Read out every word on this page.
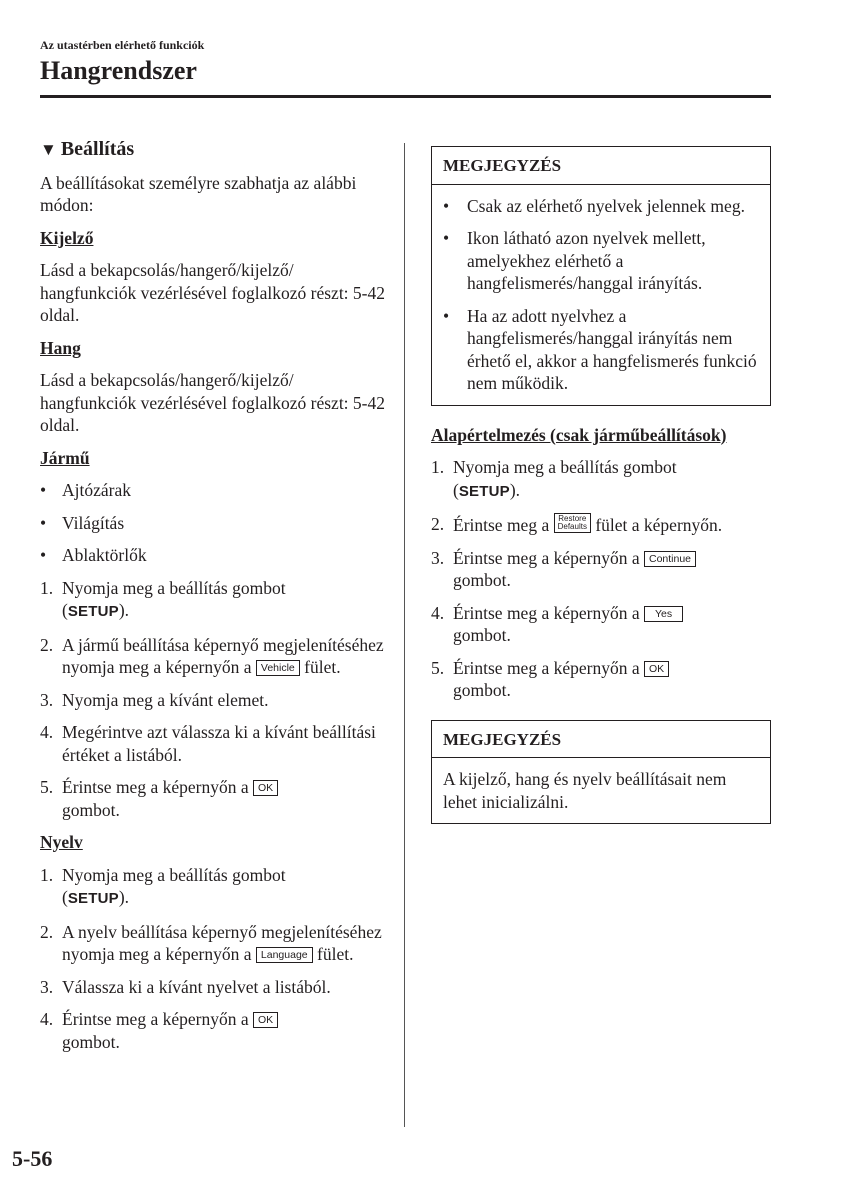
Az utastérben elérhető funkciók
Hangrendszer
▼ Beállítás

A beállításokat személyre szabhatja az alábbi módon:

Kijelző

Lásd a bekapcsolás/hangerő/kijelző/ hangfunkciók vezérlésével foglalkozó részt: 5-42 oldal.

Hang

Lásd a bekapcsolás/hangerő/kijelző/ hangfunkciók vezérlésével foglalkozó részt: 5-42 oldal.

Jármű
• Ajtózárak
• Világítás
• Ablaktörlők
1. Nyomja meg a beállítás gombot
(SETUP).
2. A jármű beállítása képernyő megjelenítéséhez nyomja meg a képernyőn a Vehicle fület.
3. Nyomja meg a kívánt elemet.
4. Megérintve azt válassza ki a kívánt beállítási értéket a listából.
5. Érintse meg a képernyőn a OK
gombot.
Nyelv
1. Nyomja meg a beállítás gombot
(SETUP).
2. A nyelv beállítása képernyő megjelenítéséhez nyomja meg a képernyőn a Language fület.
3. Válassza ki a kívánt nyelvet a listából.
4. Érintse meg a képernyőn a OK
gombot.
MEGJEGYZÉS
• Csak az elérhető nyelvek jelennek meg.
• Ikon látható azon nyelvek mellett, amelyekhez elérhető a hangfelismerés/hanggal irányítás.
• Ha az adott nyelvhez a hangfelismerés/hanggal irányítás nem érhető el, akkor a hangfelismerés funkció nem működik.
Alapértelmezés (csak járműbeállítások)
1. Nyomja meg a beállítás gombot
(SETUP).
2. Érintse meg a Restore
Defaults fület a képernyőn.
3. Érintse meg a képernyőn a Continue
gombot.
4. Érintse meg a képernyőn a Yes
gombot.
5. Érintse meg a képernyőn a OK
gombot.
MEGJEGYZÉS

A kijelző, hang és nyelv beállításait nem lehet inicializálni.

5-56
